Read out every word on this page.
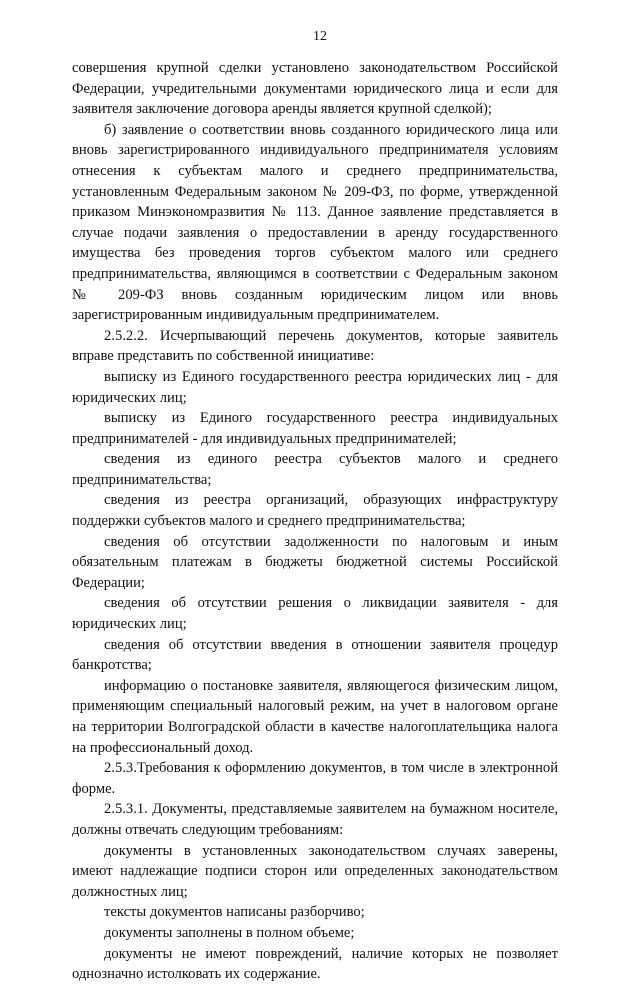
12

совершения крупной сделки установлено законодательством Российской Федерации, учредительными документами юридического лица и если для заявителя заключение договора аренды является крупной сделкой);

б) заявление о соответствии вновь созданного юридического лица или вновь зарегистрированного индивидуального предпринимателя условиям отнесения к субъектам малого и среднего предпринимательства, установленным Федеральным законом № 209-ФЗ, по форме, утвержденной приказом Минэкономразвития № 113. Данное заявление представляется в случае подачи заявления о предоставлении в аренду государственного имущества без проведения торгов субъектом малого или среднего предпринимательства, являющимся в соответствии с Федеральным законом № 209-ФЗ вновь созданным юридическим лицом или вновь зарегистрированным индивидуальным предпринимателем.

2.5.2.2. Исчерпывающий перечень документов, которые заявитель вправе представить по собственной инициативе:

выписку из Единого государственного реестра юридических лиц - для юридических лиц;

выписку из Единого государственного реестра индивидуальных предпринимателей - для индивидуальных предпринимателей;

сведения из единого реестра субъектов малого и среднего предпринимательства;

сведения из реестра организаций, образующих инфраструктуру поддержки субъектов малого и среднего предпринимательства;

сведения об отсутствии задолженности по налоговым и иным обязательным платежам в бюджеты бюджетной системы Российской Федерации;

сведения об отсутствии решения о ликвидации заявителя - для юридических лиц;

сведения об отсутствии введения в отношении заявителя процедур банкротства;

информацию о постановке заявителя, являющегося физическим лицом, применяющим специальный налоговый режим, на учет в налоговом органе на территории Волгоградской области в качестве налогоплательщика налога на профессиональный доход.

2.5.3.Требования к оформлению документов, в том числе в электронной форме.

2.5.3.1. Документы, представляемые заявителем на бумажном носителе, должны отвечать следующим требованиям:

документы в установленных законодательством случаях заверены, имеют надлежащие подписи сторон или определенных законодательством должностных лиц;

тексты документов написаны разборчиво;

документы заполнены в полном объеме;

документы не имеют повреждений, наличие которых не позволяет однозначно истолковать их содержание.
